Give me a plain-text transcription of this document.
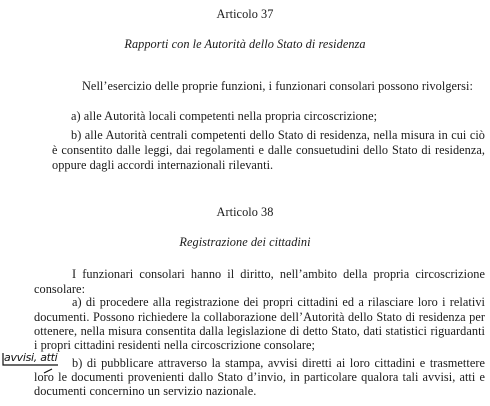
Articolo 37
Rapporti con le Autorità dello Stato di residenza
Nell’esercizio delle proprie funzioni, i funzionari consolari possono rivolgersi:
a) alle Autorità locali competenti nella propria circoscrizione;
b) alle Autorità centrali competenti dello Stato di residenza, nella misura in cui ciò
è consentito dalle leggi, dai regolamenti e dalle consuetudini dello Stato di residenza,
oppure dagli accordi internazionali rilevanti.
Articolo 38
Registrazione dei cittadini
I funzionari consolari hanno il diritto, nell’ambito della propria circoscrizione
consolare:
a) di procedere alla registrazione dei propri cittadini ed a rilasciare loro i relativi
documenti. Possono richiedere la collaborazione dell’Autorità dello Stato di residenza per
ottenere, nella misura consentita dalla legislazione di detto Stato, dati statistici riguardanti
i propri cittadini residenti nella circoscrizione consolare;
b) di pubblicare attraverso la stampa, avvisi diretti ai loro cittadini e trasmettere
loro le documenti provenienti dallo Stato d’invio, in particolare qualora tali avvisi, atti e
documenti concernino un servizio nazionale.
avvisi, atti
